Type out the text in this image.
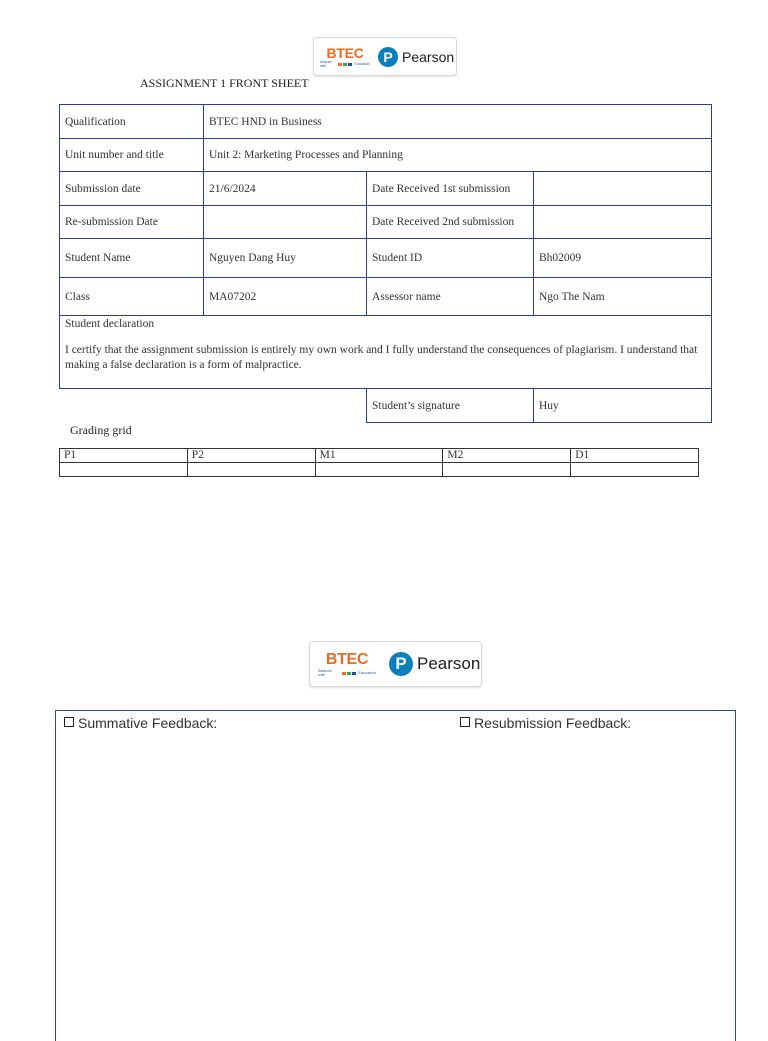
BTEC
Alliance with	Education P Pearson
ASSIGNMENT 1 FRONT SHEET
Qualification	BTEC HND in Business		
Unit number and title	Unit 2: Marketing Processes and Planning		
Submission date	21/6/2024	Date Received 1st submission	
Re-submission Date		Date Received 2nd submission	
Student Name	Nguyen Dang Huy	Student ID	Bh02009
Class	MA07202	Assessor name	Ngo The Nam

Student declaration
I certify that the assignment submission is entirely my own work and I fully understand the consequences of plagiarism. I understand that making a false declaration is a form of malpractice.			

		Student’s signature	Huy
Grading grid
P1	P2	M1	M2	D1

BTEC
Alliance with	Education	P Pearson
Summative Feedback:	Resubmission Feedback:
